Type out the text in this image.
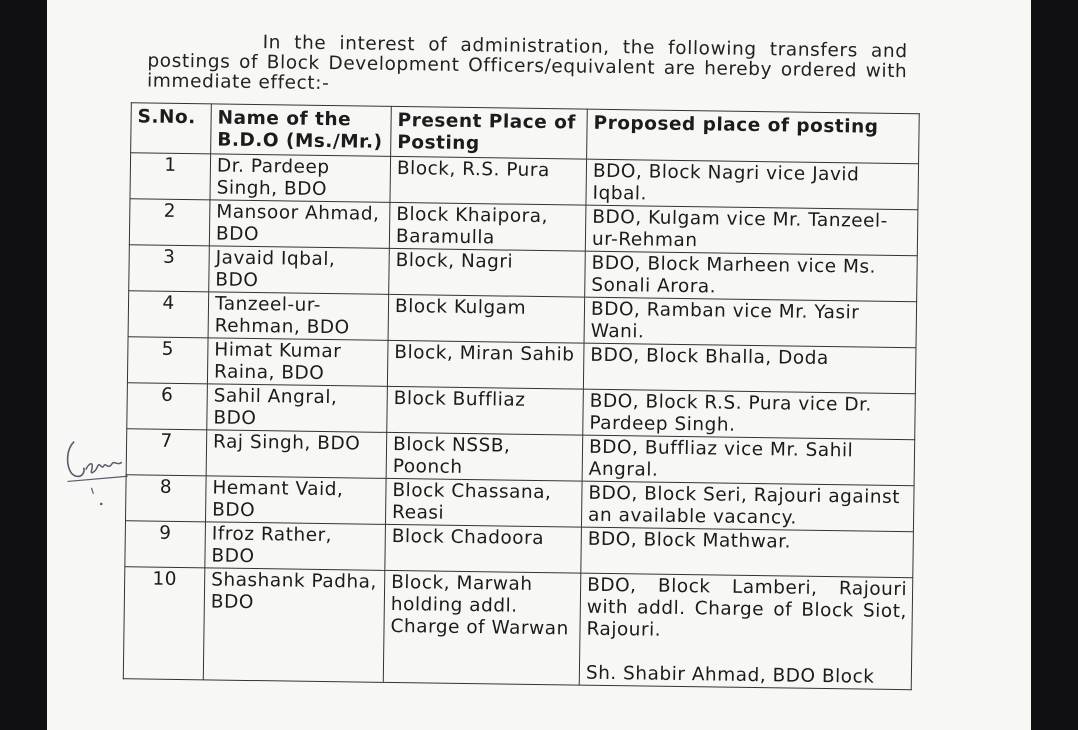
In the interest of administration, the following transfers and postings of Block Development Officers/equivalent are hereby ordered with immediate effect:-

S.No.	Name of the B.D.O (Ms./Mr.)	Present Place of Posting	Proposed place of posting
1	Dr. Pardeep Singh, BDO	Block, R.S. Pura	BDO, Block Nagri vice Javid Iqbal.
2	Mansoor Ahmad, BDO	Block Khaipora, Baramulla	BDO, Kulgam vice Mr. Tanzeel-ur-Rehman
3	Javaid Iqbal, BDO	Block, Nagri	BDO, Block Marheen vice Ms. Sonali Arora.
4	Tanzeel-ur-Rehman, BDO	Block Kulgam	BDO, Ramban vice Mr. Yasir Wani.
5	Himat Kumar Raina, BDO	Block, Miran Sahib	BDO, Block Bhalla, Doda
6	Sahil Angral, BDO	Block Buffliaz	BDO, Block R.S. Pura vice Dr. Pardeep Singh.
7	Raj Singh, BDO	Block NSSB, Poonch	BDO, Buffliaz vice Mr. Sahil Angral.
8	Hemant Vaid, BDO	Block Chassana, Reasi	BDO, Block Seri, Rajouri against an available vacancy.
9	Ifroz Rather, BDO	Block Chadoora	BDO, Block Mathwar.
10	Shashank Padha, BDO	Block, Marwah holding addl. Charge of Warwan	BDO, Block Lamberi, Rajouri with addl. Charge of Block Siot, Rajouri.
Sh. Shabir Ahmad, BDO Block
